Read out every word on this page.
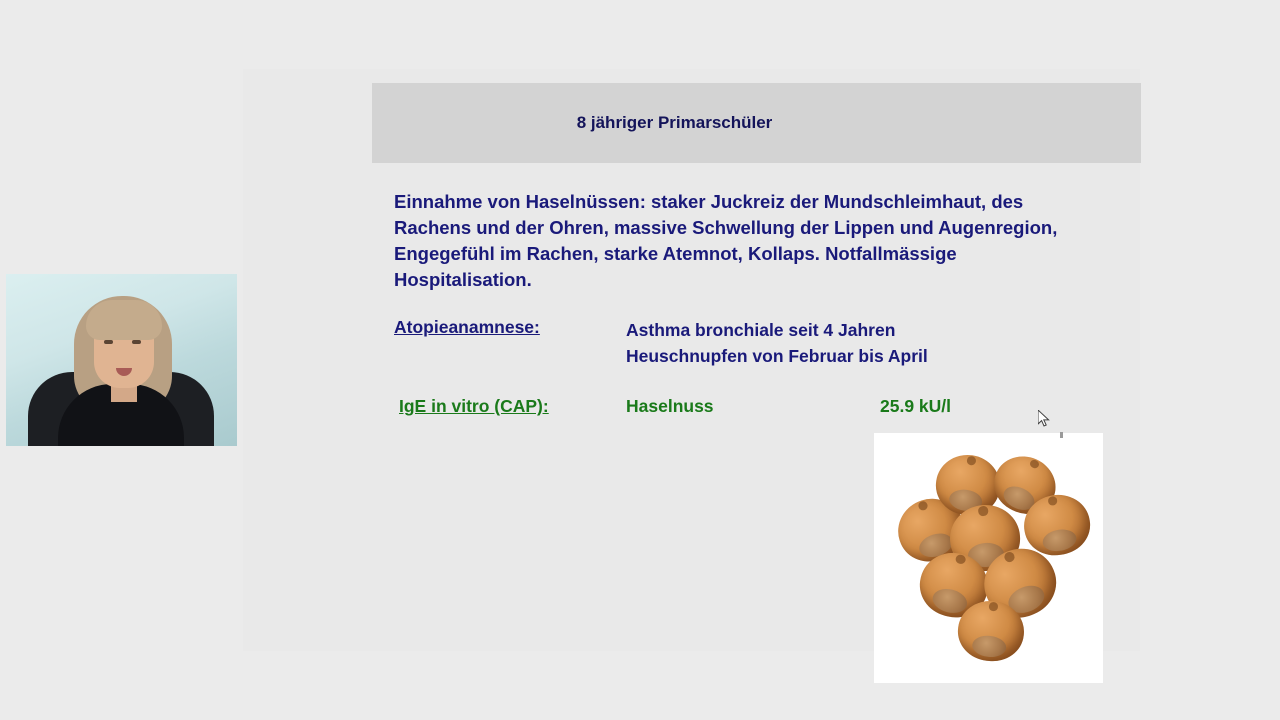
8 jähriger Primarschüler
Einnahme von Haselnüssen: staker Juckreiz der Mundschleimhaut, des Rachens und der Ohren, massive Schwellung der Lippen und Augenregion, Engegefühl im Rachen, starke Atemnot, Kollaps. Notfallmässige Hospitalisation.
Atopieanamnese:	Asthma bronchiale seit 4 Jahren
Heuschnupfen von Februar bis April
IgE in vitro (CAP):	Haselnuss	25.9 kU/l
